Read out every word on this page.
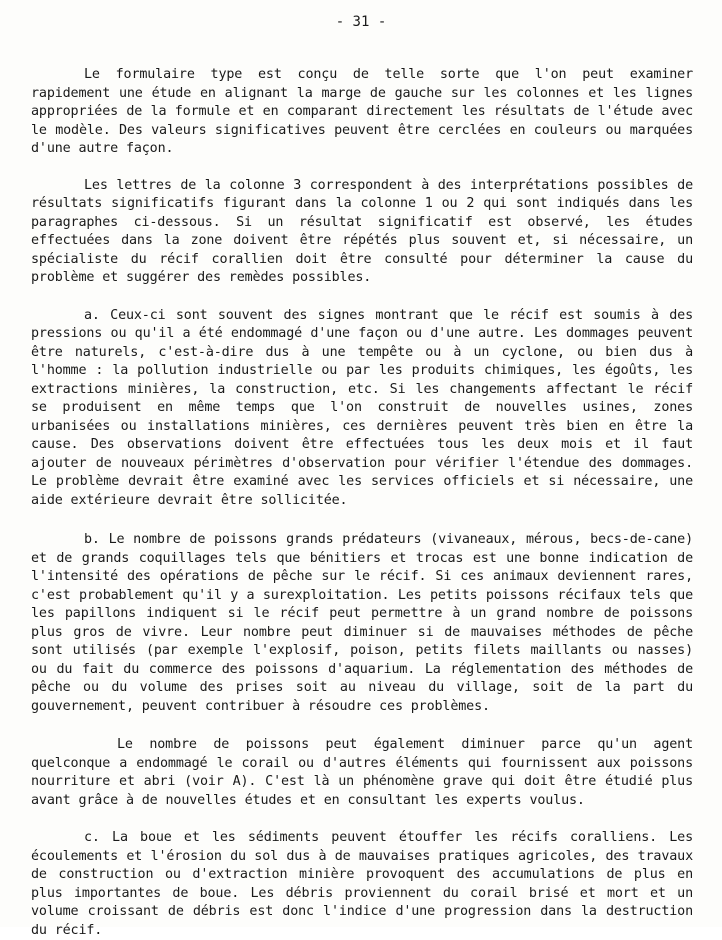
- 31 -

Le formulaire type est conçu de telle sorte que l'on peut examiner rapidement une étude en alignant la marge de gauche sur les colonnes et les lignes appropriées de la formule et en comparant directement les résultats de l'étude avec le modèle. Des valeurs significatives peuvent être cerclées en couleurs ou marquées d'une autre façon.

Les lettres de la colonne 3 correspondent à des interprétations possibles de résultats significatifs figurant dans la colonne 1 ou 2 qui sont indiqués dans les paragraphes ci-dessous. Si un résultat significatif est observé, les études effectuées dans la zone doivent être répétés plus souvent et, si nécessaire, un spécialiste du récif corallien doit être consulté pour déterminer la cause du problème et suggérer des remèdes possibles.

a. Ceux-ci sont souvent des signes montrant que le récif est soumis à des pressions ou qu'il a été endommagé d'une façon ou d'une autre. Les dommages peuvent être naturels, c'est-à-dire dus à une tempête ou à un cyclone, ou bien dus à l'homme : la pollution industrielle ou par les produits chimiques, les égoûts, les extractions minières, la construction, etc. Si les changements affectant le récif se produisent en même temps que l'on construit de nouvelles usines, zones urbanisées ou installations minières, ces dernières peuvent très bien en être la cause. Des observations doivent être effectuées tous les deux mois et il faut ajouter de nouveaux périmètres d'observation pour vérifier l'étendue des dommages. Le problème devrait être examiné avec les services officiels et si nécessaire, une aide extérieure devrait être sollicitée.

b. Le nombre de poissons grands prédateurs (vivaneaux, mérous, becs-de-cane) et de grands coquillages tels que bénitiers et trocas est une bonne indication de l'intensité des opérations de pêche sur le récif. Si ces animaux deviennent rares, c'est probablement qu'il y a surexploitation. Les petits poissons récifaux tels que les papillons indiquent si le récif peut permettre à un grand nombre de poissons plus gros de vivre. Leur nombre peut diminuer si de mauvaises méthodes de pêche sont utilisés (par exemple l'explosif, poison, petits filets maillants ou nasses) ou du fait du commerce des poissons d'aquarium. La réglementation des méthodes de pêche ou du volume des prises soit au niveau du village, soit de la part du gouvernement, peuvent contribuer à résoudre ces problèmes.

Le nombre de poissons peut également diminuer parce qu'un agent quelconque a endommagé le corail ou d'autres éléments qui fournissent aux poissons nourriture et abri (voir A). C'est là un phénomène grave qui doit être étudié plus avant grâce à de nouvelles études et en consultant les experts voulus.

c. La boue et les sédiments peuvent étouffer les récifs coralliens. Les écoulements et l'érosion du sol dus à de mauvaises pratiques agricoles, des travaux de construction ou d'extraction minière provoquent des accumulations de plus en plus importantes de boue. Les débris proviennent du corail brisé et mort et un volume croissant de débris est donc l'indice d'une progression dans la destruction du récif.
